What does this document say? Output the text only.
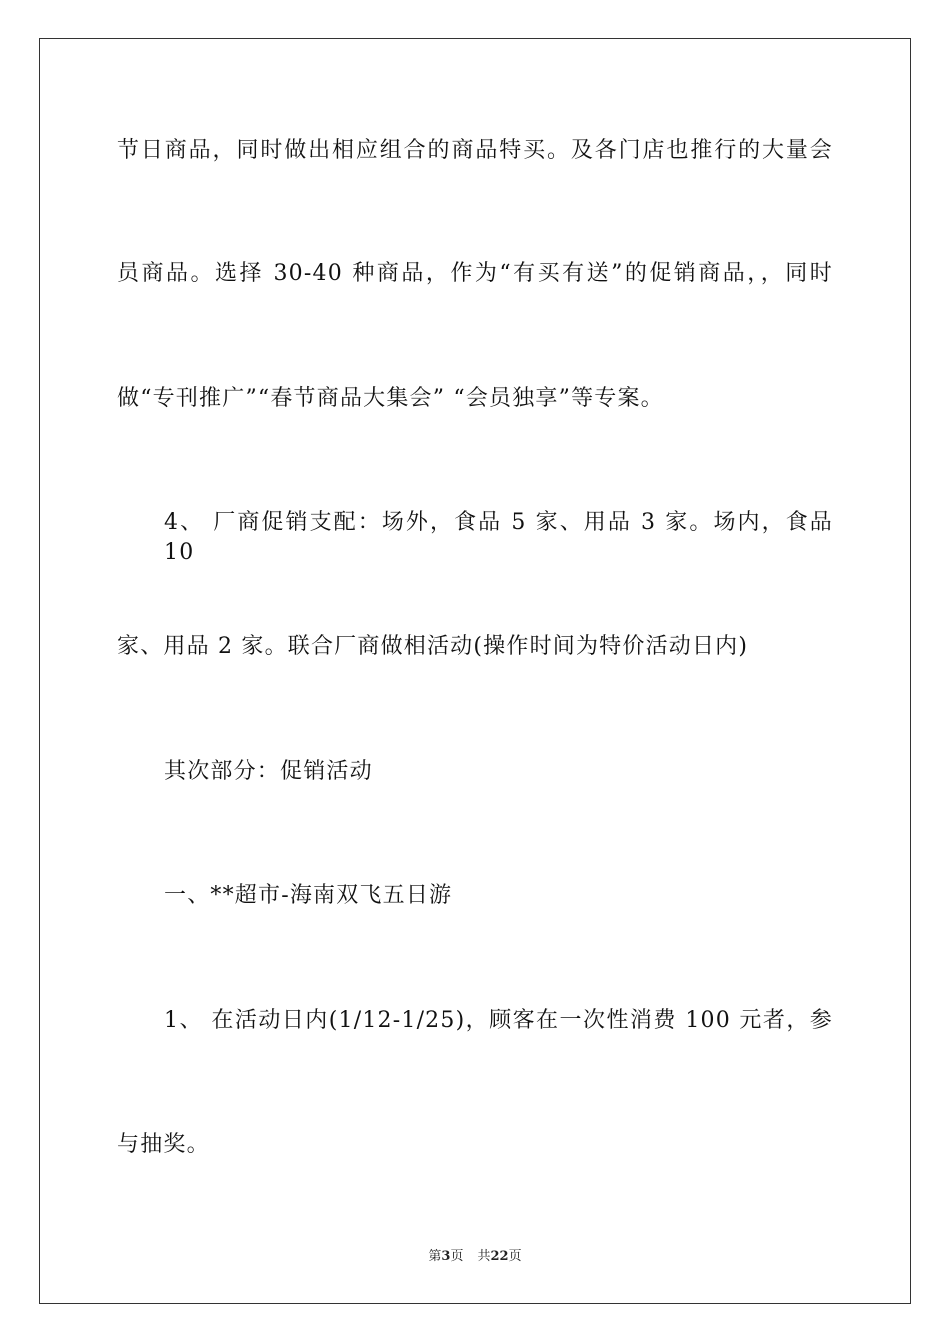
节日商品，同时做出相应组合的商品特买。及各门店也推行的大量会
员商品。选择 30-40 种商品，作为“有买有送”的促销商品，，同时
做“专刊推广”“春节商品大集会” “会员独享”等专案。
4、 厂商促销支配：场外，食品 5 家、用品 3 家。场内，食品 10
家、用品 2 家。联合厂商做相活动(操作时间为特价活动日内)
其次部分：促销活动
一、**超市-海南双飞五日游
1、 在活动日内(1/12-1/25)，顾客在一次性消费 100 元者，参
与抽奖。
第3页 共22页
